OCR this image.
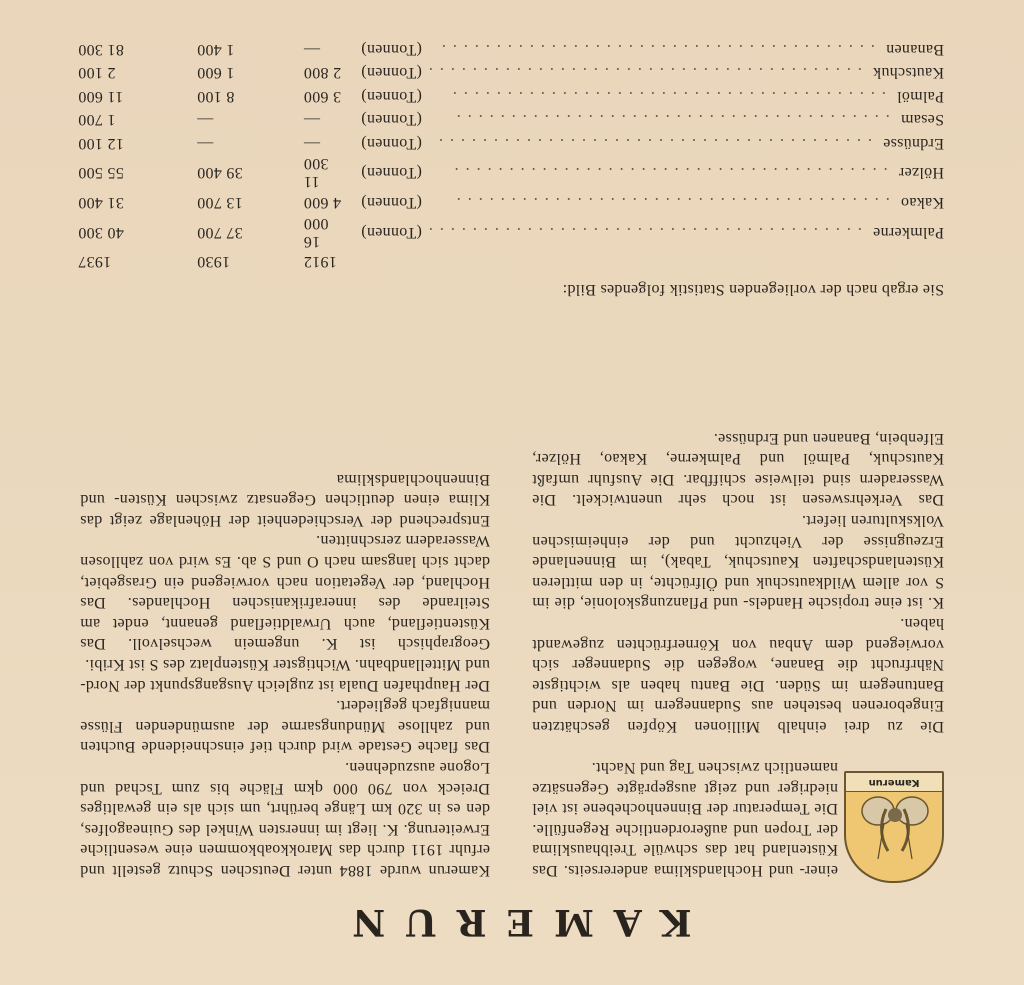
KAMERUN
Kamerun

Kamerun wurde 1884 unter Deutschen Schutz gestellt und erfuhr 1911 durch das Marokkoabkommen eine wesentliche Erweiterung. K. liegt im innersten Winkel des Guineagolfes, den es in 320 km Länge berührt, um sich als ein gewaltiges Dreieck von 790 000 qkm Fläche bis zum Tschad und Logone auszudehnen.

Das flache Gestade wird durch tief einschneidende Buchten und zahllose Mündungsarme der ausmündenden Flüsse mannigfach gegliedert.

Der Haupthafen Duala ist zugleich Ausgangspunkt der Nord- und Mittellandbahn. Wichtigster Küstenplatz des S ist Kribi.

Geographisch ist K. ungemein wechselvoll. Das Küstentiefland, auch Urwaldtiefland genannt, endet am Steilrande des innerafrikanischen Hochlandes. Das Hochland, der Vegetation nach vorwiegend ein Grasgebiet, dacht sich langsam nach O und S ab. Es wird von zahllosen Wasseradern zerschnitten.

Entsprechend der Verschiedenheit der Höhenlage zeigt das Klima einen deutlichen Gegensatz zwischen Küsten- und Binnenhochlandsklima

einer- und Hochlandsklima andererseits. Das Küstenland hat das schwüle Treibhausklima der Tropen und außerordentliche Regenfülle. Die Temperatur der Binnenhochebene ist viel niedriger und zeigt ausgeprägte Gegensätze namentlich zwischen Tag und Nacht.

Die zu drei einhalb Millionen Köpfen geschätzten Eingeborenen bestehen aus Sudannegern im Norden und Bantunegern im Süden. Die Bantu haben als wichtigste Nährfrucht die Banane, wogegen die Sudanneger sich vorwiegend dem Anbau von Körnerfrüchten zugewandt haben.

K. ist eine tropische Handels- und Pflanzungskolonie, die im S vor allem Wildkautschuk und Ölfrüchte, in den mittleren Küstenlandschaften Kautschuk, Tabak), im Binnenlande Erzeugnisse der Viehzucht und der einheimischen Volkskulturen liefert.

Das Verkehrswesen ist noch sehr unentwickelt. Die Wasseradern sind teilweise schiffbar. Die Ausfuhr umfaßt Kautschuk, Palmöl und Palmkerne, Kakao, Hölzer, Elfenbein, Bananen und Erdnüsse.

Sie ergab nach der vorliegenden Statistik folgendes Bild:
		1912	1930	1937
Palmkerne ........................................	(Tonnen)	16 000	37 700	40 300
Kakao ........................................	(Tonnen)	4 600	13 700	31 400
Hölzer ........................................	(Tonnen)	11 300	39 400	55 500
Erdnüsse ........................................	(Tonnen)	—	—	12 100
Sesam ........................................	(Tonnen)	—	—	1 700
Palmöl ........................................	(Tonnen)	3 600	8 100	11 600
Kautschuk ........................................	(Tonnen)	2 800	1 600	2 100
Bananen ........................................	(Tonnen)	—	1 400	81 300
